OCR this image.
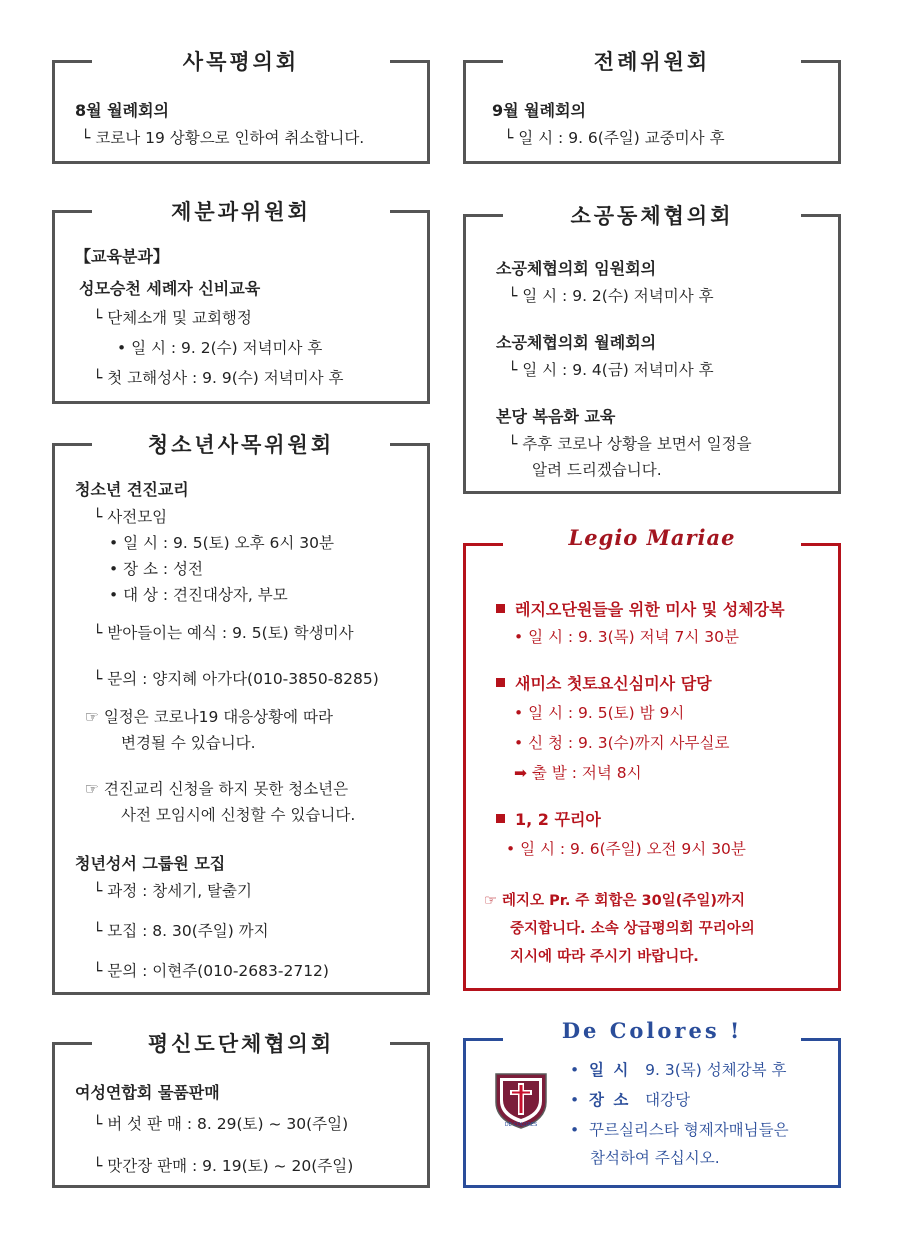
사목평의회
8월 월례회의
└ 코로나 19 상황으로 인하여 취소합니다.
전례위원회
9월 월례회의
└ 일 시 : 9. 6(주일) 교중미사 후
제분과위원회
【교육분과】
성모승천 세례자 신비교육
└ 단체소개 및 교회행정
• 일 시 : 9. 2(수) 저녁미사 후
└ 첫 고해성사 : 9. 9(수) 저녁미사 후
소공동체협의회
소공체협의회 임원회의
└ 일 시 : 9. 2(수) 저녁미사 후
소공체협의회 월례회의
└ 일 시 : 9. 4(금) 저녁미사 후
본당 복음화 교육
└ 추후 코로나 상황을 보면서 일정을
알려 드리겠습니다.
청소년사목위원회
청소년 견진교리
└ 사전모임
• 일 시 : 9. 5(토) 오후 6시 30분
• 장 소 : 성전
• 대 상 : 견진대상자, 부모
└ 받아들이는 예식 : 9. 5(토) 학생미사
└ 문의 : 양지혜 아가다(010-3850-8285)
☞ 일정은 코로나19 대응상황에 따라
변경될 수 있습니다.
☞ 견진교리 신청을 하지 못한 청소년은
사전 모임시에 신청할 수 있습니다.
청년성서 그룹원 모집
└ 과정 : 창세기, 탈출기
└ 모집 : 8. 30(주일) 까지
└ 문의 : 이현주(010-2683-2712)
Legio Mariae
레지오단원들을 위한 미사 및 성체강복
• 일 시 : 9. 3(목) 저녁 7시 30분
새미소 첫토요신심미사 담당
• 일 시 : 9. 5(토) 밤 9시
• 신 청 : 9. 3(수)까지 사무실로
➡ 출 발 : 저녁 8시
1, 2 꾸리아
• 일 시 : 9. 6(주일) 오전 9시 30분
☞ 레지오 Pr. 주 회합은 30일(주일)까지
중지합니다. 소속 상급평의회 꾸리아의
지시에 따라 주시기 바랍니다.
평신도단체협의회
여성연합회 물품판매
└ 버 섯 판 매 : 8. 29(토) ~ 30(주일)
└ 맛간장 판매 : 9. 19(토) ~ 20(주일)
De Colores !
DE COLORES
•  일 시 9. 3(목) 성체강복 후
•  장 소 대강당
•  꾸르실리스타 형제자매님들은
참석하여 주십시오.
